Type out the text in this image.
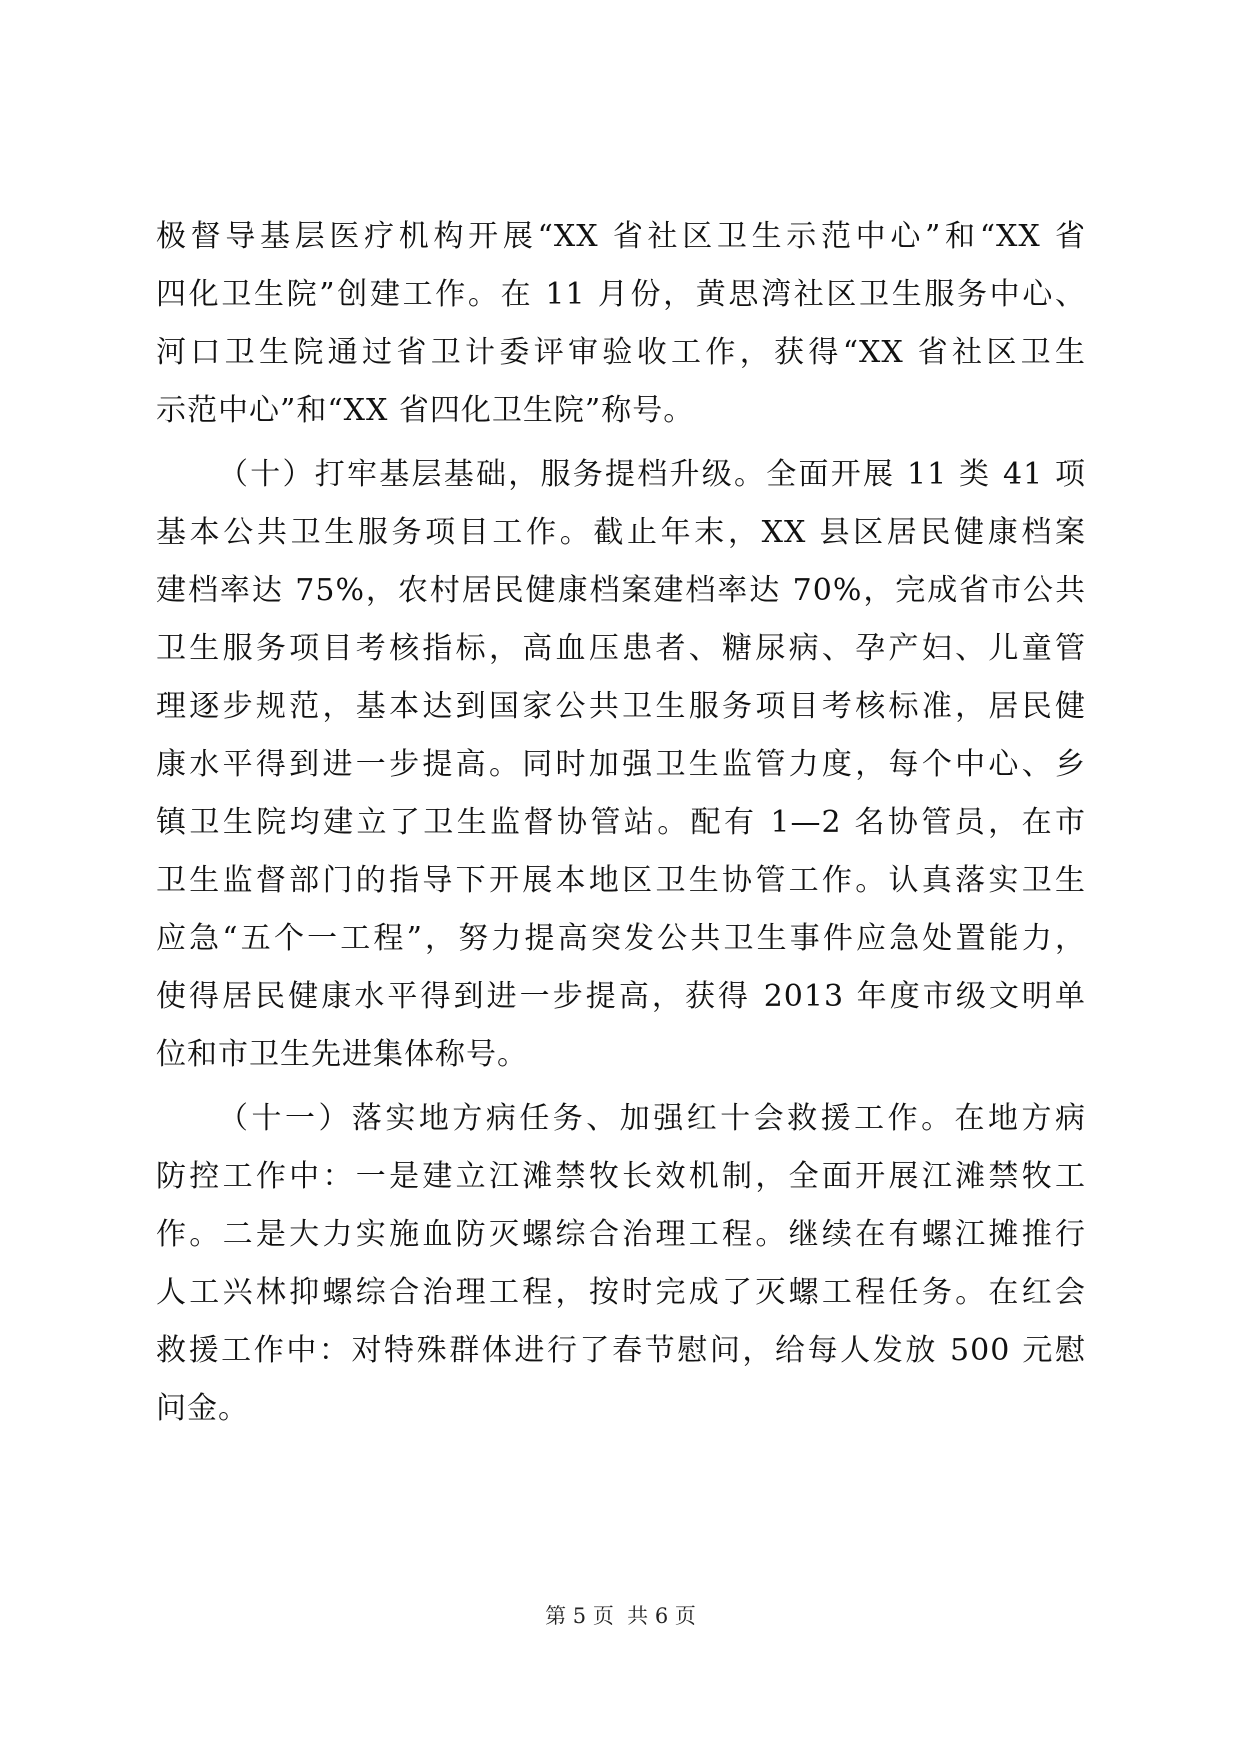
极督导基层医疗机构开展“XX 省社区卫生示范中心”和“XX 省
四化卫生院”创建工作。在 11 月份，黄思湾社区卫生服务中心、
河口卫生院通过省卫计委评审验收工作，获得“XX 省社区卫生
示范中心”和“XX 省四化卫生院”称号。
（十）打牢基层基础，服务提档升级。全面开展 11 类 41 项
基本公共卫生服务项目工作。截止年末，XX 县区居民健康档案
建档率达 75%，农村居民健康档案建档率达 70%，完成省市公共
卫生服务项目考核指标，高血压患者、糖尿病、孕产妇、儿童管
理逐步规范，基本达到国家公共卫生服务项目考核标准，居民健
康水平得到进一步提高。同时加强卫生监管力度，每个中心、乡
镇卫生院均建立了卫生监督协管站。配有 1—2 名协管员，在市
卫生监督部门的指导下开展本地区卫生协管工作。认真落实卫生
应急“五个一工程”，努力提高突发公共卫生事件应急处置能力，
使得居民健康水平得到进一步提高，获得 2013 年度市级文明单
位和市卫生先进集体称号。
（十一）落实地方病任务、加强红十会救援工作。在地方病
防控工作中：一是建立江滩禁牧长效机制，全面开展江滩禁牧工
作。二是大力实施血防灭螺综合治理工程。继续在有螺江摊推行
人工兴林抑螺综合治理工程，按时完成了灭螺工程任务。在红会
救援工作中：对特殊群体进行了春节慰问，给每人发放 500 元慰
问金。
第 5 页  共 6 页
